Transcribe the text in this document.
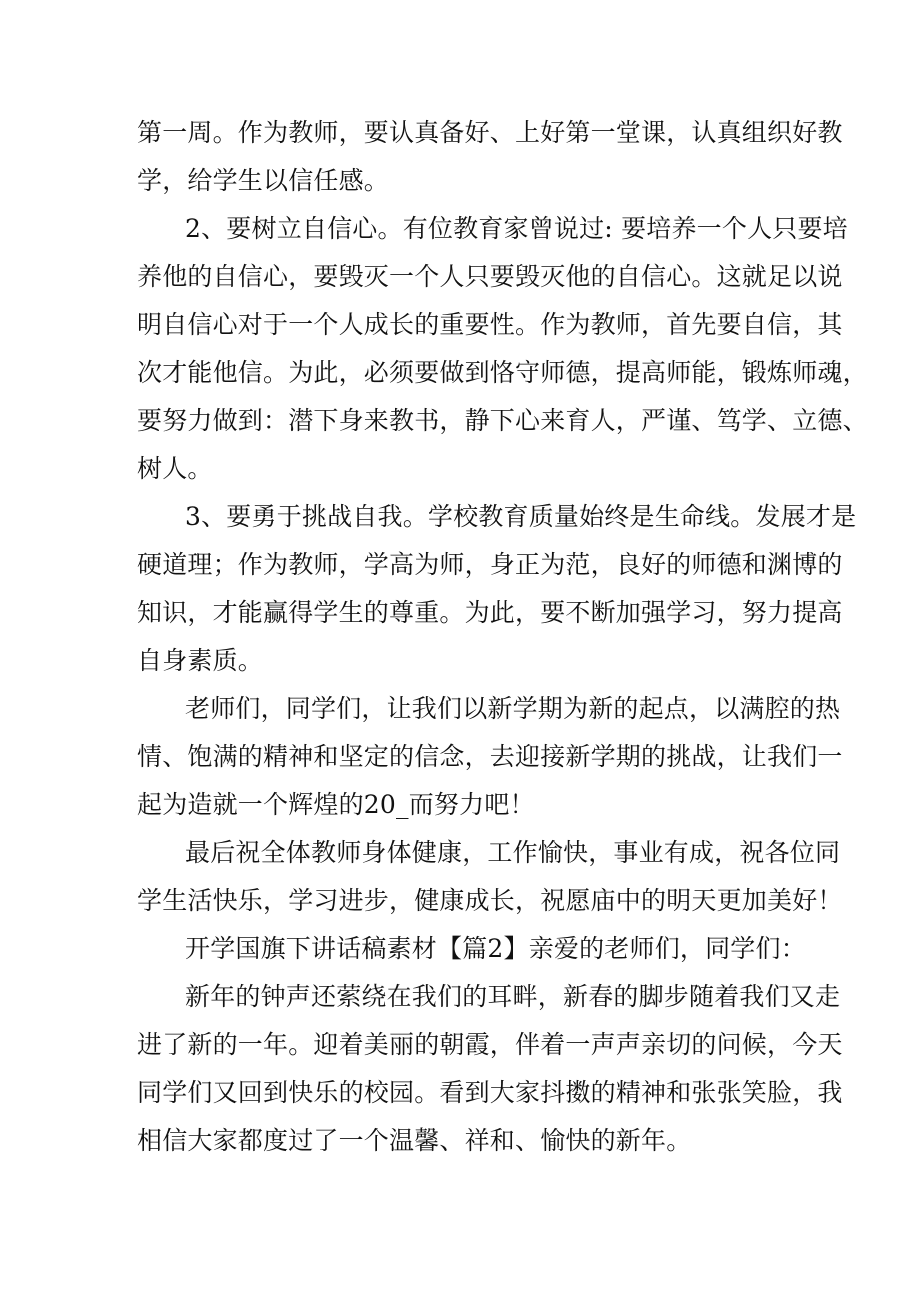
第一周。作为教师，要认真备好、上好第一堂课，认真组织好教
学，给学生以信任感。
2、要树立自信心。有位教育家曾说过: 要培养一个人只要培
养他的自信心，要毁灭一个人只要毁灭他的自信心。这就足以说
明自信心对于一个人成长的重要性。作为教师，首先要自信，其
次才能他信。为此，必须要做到恪守师德，提高师能，锻炼师魂，
要努力做到：潜下身来教书，静下心来育人，严谨、笃学、立德、
树人。
3、要勇于挑战自我。学校教育质量始终是生命线。发展才是
硬道理；作为教师，学高为师，身正为范，良好的师德和渊博的
知识，才能赢得学生的尊重。为此，要不断加强学习，努力提高
自身素质。
老师们，同学们，让我们以新学期为新的起点，以满腔的热
情、饱满的精神和坚定的信念，去迎接新学期的挑战，让我们一
起为造就一个辉煌的20_而努力吧！
最后祝全体教师身体健康，工作愉快，事业有成，祝各位同
学生活快乐，学习进步，健康成长，祝愿庙中的明天更加美好！
开学国旗下讲话稿素材【篇2】亲爱的老师们，同学们：
新年的钟声还萦绕在我们的耳畔，新春的脚步随着我们又走
进了新的一年。迎着美丽的朝霞，伴着一声声亲切的问候，今天
同学们又回到快乐的校园。看到大家抖擞的精神和张张笑脸，我
相信大家都度过了一个温馨、祥和、愉快的新年。
